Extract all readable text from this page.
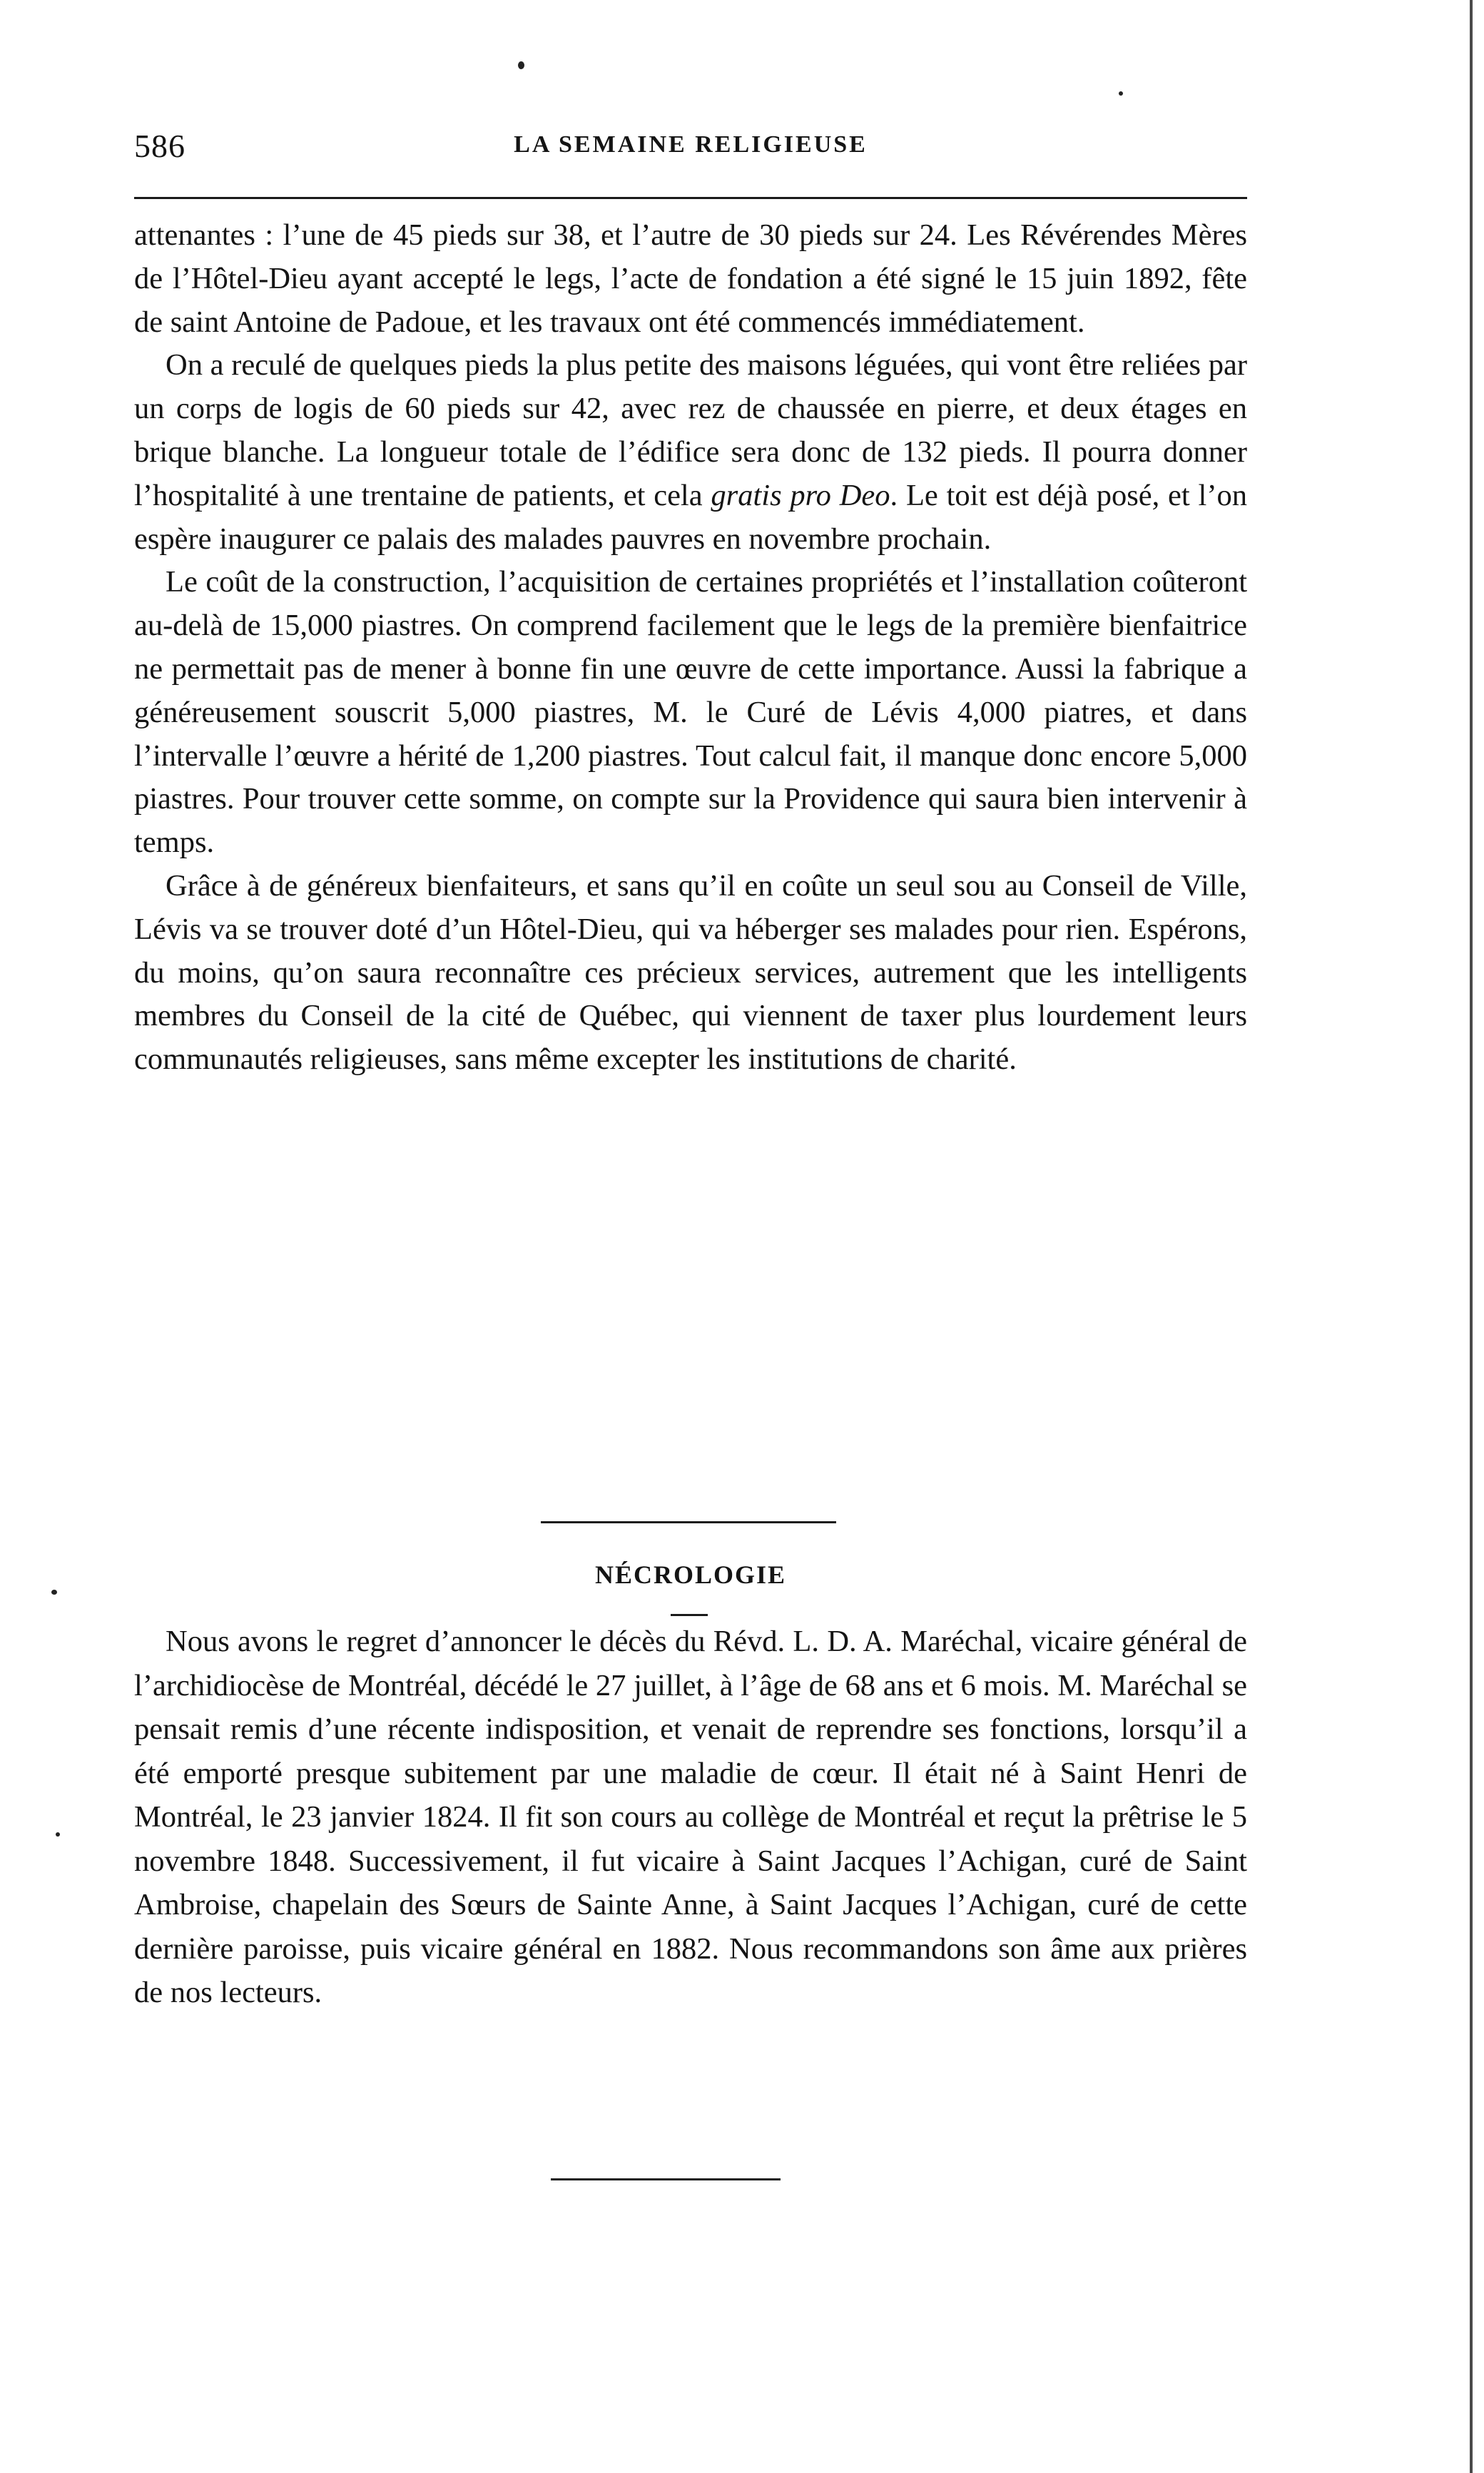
586	LA SEMAINE RELIGIEUSE

attenantes : l’une de 45 pieds sur 38, et l’autre de 30 pieds sur 24. Les Révérendes Mères de l’Hôtel-Dieu ayant accepté le legs, l’acte de fondation a été signé le 15 juin 1892, fête de saint Antoine de Padoue, et les travaux ont été commencés immédiatement.

On a reculé de quelques pieds la plus petite des maisons léguées, qui vont être reliées par un corps de logis de 60 pieds sur 42, avec rez de chaussée en pierre, et deux étages en brique blanche. La longueur totale de l’édifice sera donc de 132 pieds. Il pourra donner l’hospitalité à une trentaine de patients, et cela gratis pro Deo. Le toit est déjà posé, et l’on espère inaugurer ce palais des malades pauvres en novembre prochain.

Le coût de la construction, l’acquisition de certaines propriétés et l’installation coûteront au-delà de 15,000 piastres. On comprend facilement que le legs de la première bienfaitrice ne permettait pas de mener à bonne fin une œuvre de cette importance. Aussi la fabrique a généreusement souscrit 5,000 piastres, M. le Curé de Lévis 4,000 piatres, et dans l’intervalle l’œuvre a hérité de 1,200 piastres. Tout calcul fait, il manque donc encore 5,000 piastres. Pour trouver cette somme, on compte sur la Providence qui saura bien intervenir à temps.

Grâce à de généreux bienfaiteurs, et sans qu’il en coûte un seul sou au Conseil de Ville, Lévis va se trouver doté d’un Hôtel-Dieu, qui va héberger ses malades pour rien. Espérons, du moins, qu’on saura reconnaître ces précieux services, autrement que les intelligents membres du Conseil de la cité de Québec, qui viennent de taxer plus lourdement leurs communautés religieuses, sans même excepter les institutions de charité.

NÉCROLOGIE

Nous avons le regret d’annoncer le décès du Révd. L. D. A. Maréchal, vicaire général de l’archidiocèse de Montréal, décédé le 27 juillet, à l’âge de 68 ans et 6 mois. M. Maréchal se pensait remis d’une récente indisposition, et venait de reprendre ses fonctions, lorsqu’il a été emporté presque subitement par une maladie de cœur. Il était né à Saint Henri de Montréal, le 23 janvier 1824. Il fit son cours au collège de Montréal et reçut la prêtrise le 5 novembre 1848. Successivement, il fut vicaire à Saint Jacques l’Achigan, curé de Saint Ambroise, chapelain des Sœurs de Sainte Anne, à Saint Jacques l’Achigan, curé de cette dernière paroisse, puis vicaire général en 1882. Nous recommandons son âme aux prières de nos lecteurs.
